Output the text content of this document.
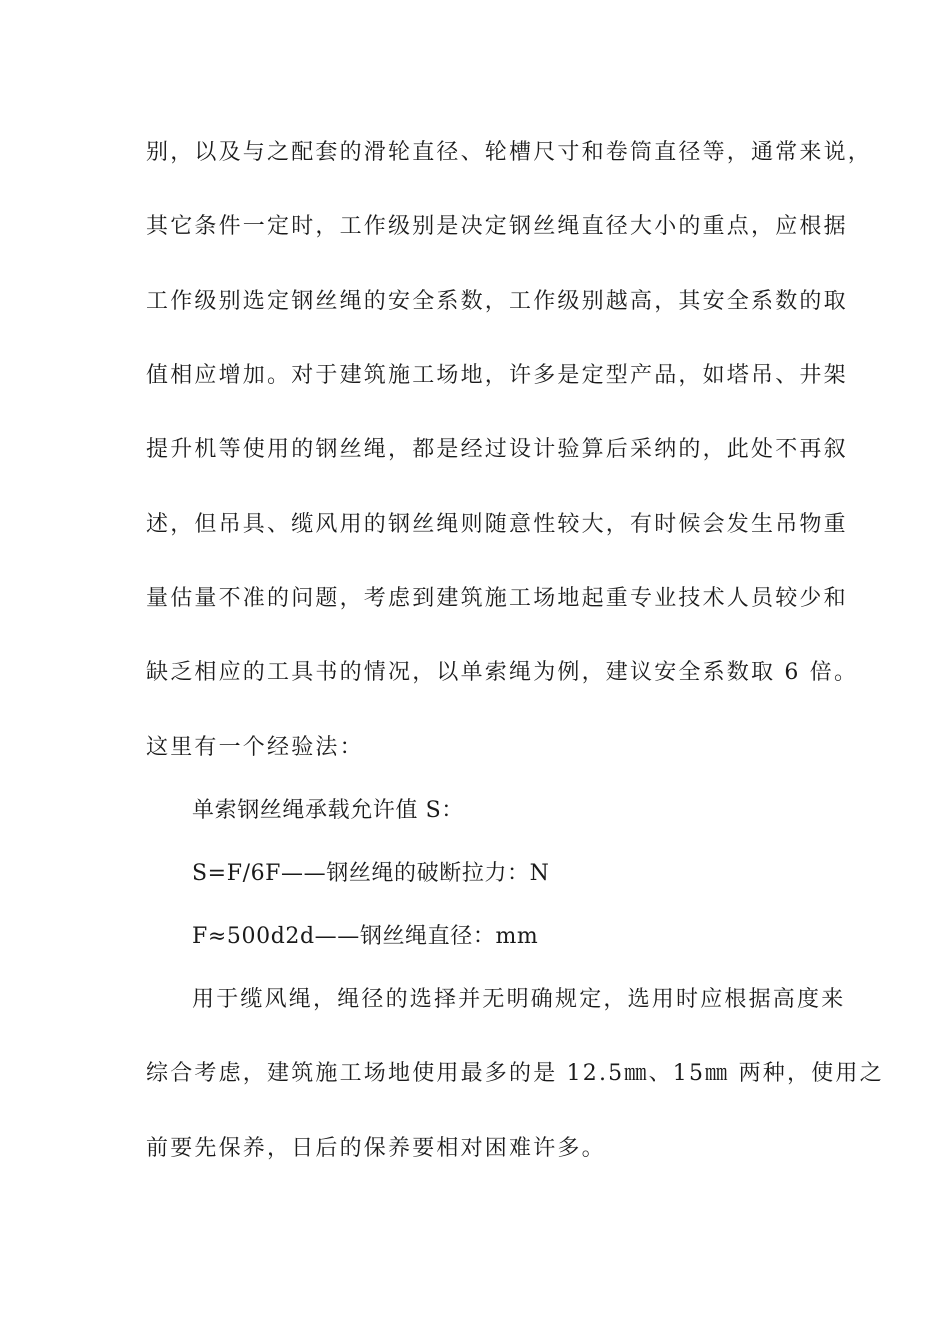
别，以及与之配套的滑轮直径、轮槽尺寸和卷筒直径等，通常来说，
其它条件一定时，工作级别是决定钢丝绳直径大小的重点，应根据
工作级别选定钢丝绳的安全系数，工作级别越高，其安全系数的取
值相应增加。对于建筑施工场地，许多是定型产品，如塔吊、井架
提升机等使用的钢丝绳，都是经过设计验算后采纳的，此处不再叙
述，但吊具、缆风用的钢丝绳则随意性较大，有时候会发生吊物重
量估量不准的问题，考虑到建筑施工场地起重专业技术人员较少和
缺乏相应的工具书的情况，以单索绳为例，建议安全系数取 6 倍。
这里有一个经验法：
单索钢丝绳承载允许值 S：
S=F/6F——钢丝绳的破断拉力：N
F≈500d2d——钢丝绳直径：mm
用于缆风绳，绳径的选择并无明确规定，选用时应根据高度来
综合考虑，建筑施工场地使用最多的是 12.5㎜、15㎜ 两种，使用之
前要先保养，日后的保养要相对困难许多。
